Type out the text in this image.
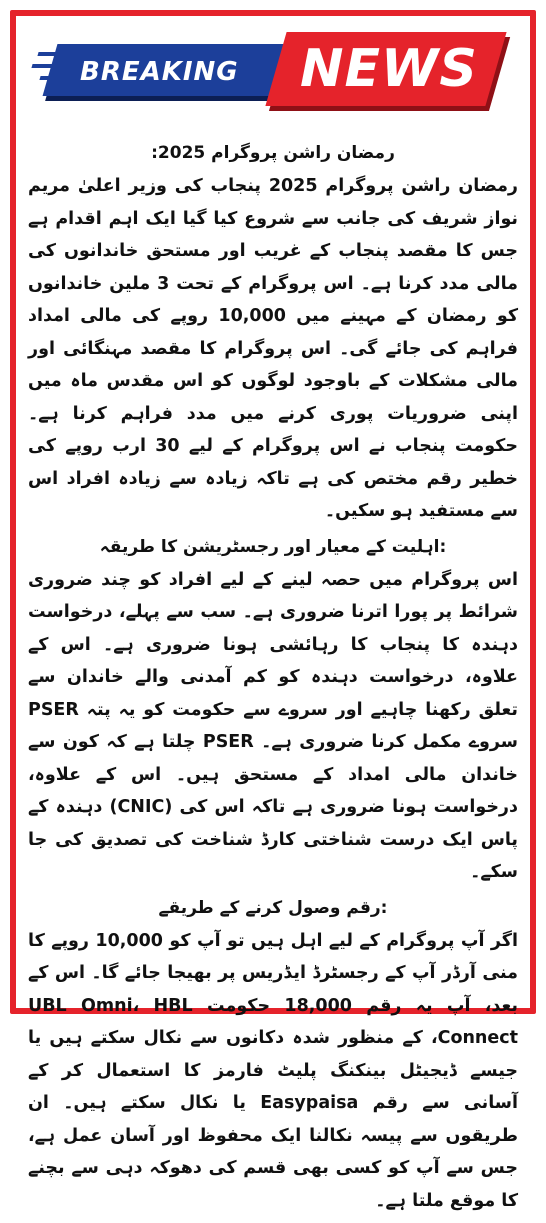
BREAKING	NEWS
رمضان راشن پروگرام 2025:
رمضان راشن پروگرام 2025 پنجاب کی وزیر اعلیٰ مریم نواز شریف کی جانب سے شروع کیا گیا ایک اہم اقدام ہے جس کا مقصد پنجاب کے غریب اور مستحق خاندانوں کی مالی مدد کرنا ہے۔ اس پروگرام کے تحت 3 ملین خاندانوں کو رمضان کے مہینے میں 10,000 روپے کی مالی امداد فراہم کی جائے گی۔ اس پروگرام کا مقصد مہنگائی اور مالی مشکلات کے باوجود لوگوں کو اس مقدس ماہ میں اپنی ضروریات پوری کرنے میں مدد فراہم کرنا ہے۔ حکومت پنجاب نے اس پروگرام کے لیے 30 ارب روپے کی خطیر رقم مختص کی ہے تاکہ زیادہ سے زیادہ افراد اس سے مستفید ہو سکیں۔
:اہلیت کے معیار اور رجسٹریشن کا طریقہ
اس پروگرام میں حصہ لینے کے لیے افراد کو چند ضروری شرائط پر پورا اترنا ضروری ہے۔ سب سے پہلے، درخواست دہندہ کا پنجاب کا رہائشی ہونا ضروری ہے۔ اس کے علاوہ، درخواست دہندہ کو کم آمدنی والے خاندان سے تعلق رکھنا چاہیے اور سروے سے حکومت کو یہ پتہ PSER سروے مکمل کرنا ضروری ہے۔ PSER چلتا ہے کہ کون سے خاندان مالی امداد کے مستحق ہیں۔ اس کے علاوہ، درخواست ہونا ضروری ہے تاکہ اس کی (CNIC) دہندہ کے پاس ایک درست شناختی کارڈ شناخت کی تصدیق کی جا سکے۔
:رقم وصول کرنے کے طریقے
اگر آپ پروگرام کے لیے اہل ہیں تو آپ کو 10,000 روپے کا منی آرڈر آپ کے رجسٹرڈ ایڈریس پر بھیجا جائے گا۔ اس کے بعد، آپ یہ رقم 18,000 حکومت UBL Omni، HBL Connect، کے منظور شدہ دکانوں سے نکال سکتے ہیں یا جیسے ڈیجیٹل بینکنگ پلیٹ فارمز کا استعمال کر کے آسانی سے رقم Easypaisa یا نکال سکتے ہیں۔ ان طریقوں سے پیسہ نکالنا ایک محفوظ اور آسان عمل ہے، جس سے آپ کو کسی بھی قسم کی دھوکہ دہی سے بچنے کا موقع ملتا ہے۔
